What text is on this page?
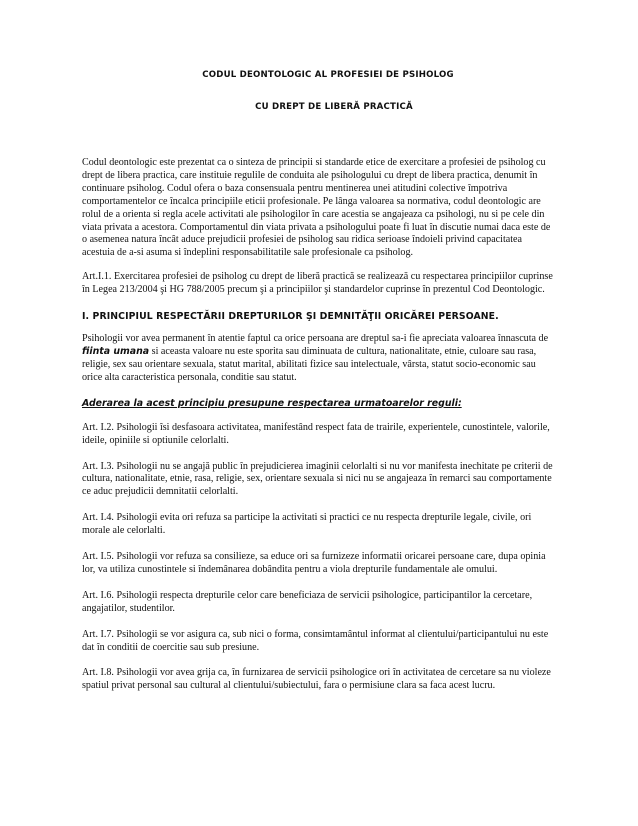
CODUL DEONTOLOGIC AL PROFESIEI DE PSIHOLOG
CU DREPT DE LIBERĂ PRACTICĂ

Codul deontologic este prezentat ca o sinteza de principii si standarde etice de exercitare a profesiei de psiholog cu drept de libera practica, care instituie regulile de conduita ale psihologului cu drept de libera practica, denumit în continuare psiholog. Codul ofera o baza consensuala pentru mentinerea unei atitudini colective împotriva comportamentelor ce încalca principiile eticii profesionale. Pe lânga valoarea sa normativa, codul deontologic are rolul de a orienta si regla acele activitati ale psihologilor în care acestia se angajeaza ca psihologi, nu si pe cele din viata privata a acestora. Comportamentul din viata privata a psihologului poate fi luat în discutie numai daca este de o asemenea natura încât aduce prejudicii profesiei de psiholog sau ridica serioase îndoieli privind capacitatea acestuia de a-si asuma si îndeplini responsabilitatile sale profesionale ca psiholog.

Art.I.1. Exercitarea profesiei de psiholog cu drept de liberă practică se realizează cu respectarea principiilor cuprinse în Legea 213/2004 şi HG 788/2005 precum şi a principiilor şi standardelor cuprinse în prezentul Cod Deontologic.

I. PRINCIPIUL RESPECTĂRII DREPTURILOR ŞI DEMNITĂŢII ORICĂREI PERSOANE.

Psihologii vor avea permanent în atentie faptul ca orice persoana are dreptul sa-i fie apreciata valoarea înnascuta de fiinta umana si aceasta valoare nu este sporita sau diminuata de cultura, nationalitate, etnie, culoare sau rasa, religie, sex sau orientare sexuala, statut marital, abilitati fizice sau intelectuale, vârsta, statut socio-economic sau orice alta caracteristica personala, conditie sau statut.

Aderarea la acest principiu presupune respectarea urmatoarelor reguli:

Art. I.2. Psihologii îsi desfasoara activitatea, manifestând respect fata de trairile, experientele, cunostintele, valorile, ideile, opiniile si optiunile celorlalti.

Art. I.3. Psihologii nu se angajă public în prejudicierea imaginii celorlalti si nu vor manifesta inechitate pe criterii de cultura, nationalitate, etnie, rasa, religie, sex, orientare sexuala si nici nu se angajeaza în remarci sau comportamente ce aduc prejudicii demnitatii celorlalti.

Art. I.4. Psihologii evita ori refuza sa participe la activitati si practici ce nu respecta drepturile legale, civile, ori morale ale celorlalti.

Art. I.5. Psihologii vor refuza sa consilieze, sa educe ori sa furnizeze informatii oricarei persoane care, dupa opinia lor, va utiliza cunostintele si îndemânarea dobândita pentru a viola drepturile fundamentale ale omului.

Art. I.6. Psihologii respecta drepturile celor care beneficiaza de servicii psihologice, participantilor la cercetare, angajatilor, studentilor.

Art. I.7. Psihologii se vor asigura ca, sub nici o forma, consimtamântul informat al clientului/participantului nu este dat în conditii de coercitie sau sub presiune.

Art. I.8. Psihologii vor avea grija ca, în furnizarea de servicii psihologice ori în activitatea de cercetare sa nu violeze spatiul privat personal sau cultural al clientului/subiectului, fara o permisiune clara sa faca acest lucru.
